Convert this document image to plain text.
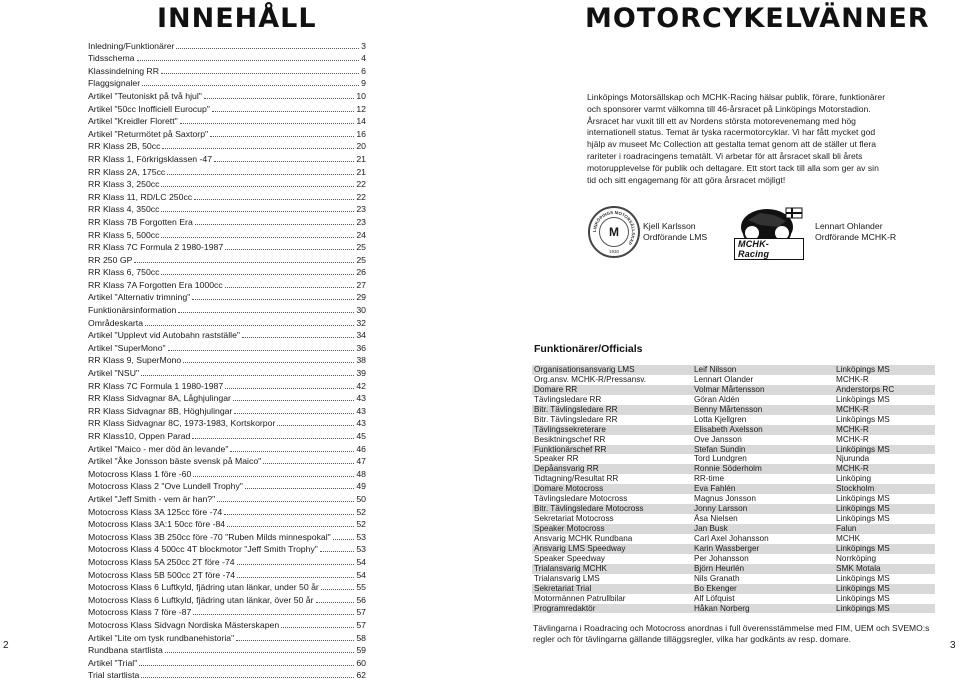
INNEHÅLL
Inledning/Funktionärer	3
Tidsschema	4
Klassindelning RR	6
Flaggsignaler	9
Artikel "Teutoniskt på två hjul"	10
Artikel "50cc Inofficiell Eurocup"	12
Artikel "Kreidler Florett"	14
Artikel "Returmötet på Saxtorp"	16
RR Klass 2B, 50cc	20
RR Klass 1, Förkrigsklassen -47	21
RR Klass 2A, 175cc	21
RR Klass 3, 250cc	22
RR Klass 11, RD/LC 250cc	22
RR Klass 4, 350cc	23
RR Klass 7B Forgotten Era	23
RR Klass 5, 500cc	24
RR Klass 7C Formula 2 1980-1987	25
RR 250 GP	25
RR Klass 6, 750cc	26
RR Klass 7A Forgotten Era 1000cc	27
Artikel "Alternativ trimning"	29
Funktionärsinformation	30
Områdeskarta	32
Artikel "Upplevt vid Autobahn rastställe"	34
Artikel "SuperMono"	36
RR Klass 9, SuperMono	38
Artikel "NSU"	39
RR Klass 7C Formula 1 1980-1987	42
RR Klass Sidvagnar 8A, Låghjulingar	43
RR Klass Sidvagnar 8B, Höghjulingar	43
RR Klass Sidvagnar 8C, 1973-1983, Kortskorpor	43
RR Klass10, Oppen Parad	45
Artikel "Maico - mer död än levande"	46
Artikel "Åke Jonsson bäste svensk på Maico"	47
Motocross Klass 1 före -60	48
Motocross Klass 2 "Ove Lundell Trophy"	49
Artikel "Jeff Smith - vem är han?"	50
Motocross Klass 3A 125cc före -74	52
Motocross Klass 3A:1 50cc före -84	52
Motocross Klass 3B 250cc före -70 "Ruben Milds minnespokal"	53
Motocross Klass 4 500cc 4T blockmotor "Jeff Smith Trophy"	53
Motocross Klass 5A 250cc 2T före -74	54
Motocross Klass 5B 500cc 2T före -74	54
Motocross Klass 6 Luftkyld, fjädring utan länkar, under 50 år	55
Motocross Klass 6 Luftkyld, fjädring utan länkar, över 50 år	56
Motocross Klass 7 före -87	57
Motocross Klass Sidvagn Nordiska Mästerskapen	57
Artikel "Lite om tysk rundbanehistoria"	58
Rundbana startlista	59
Artikel "Trial"	60
Trial startlista	62
2
MOTORCYKELVÄNNER

Linköpings Motorsällskap och MCHK-Racing hälsar publik, förare, funktionärer och sponsorer varmt välkomna till 46-årsracet på Linköpings Motorstadion.

Årsracet har vuxit till ett av Nordens största motorevenemang med hög internationell status. Temat är tyska racermotorcyklar. Vi har fått mycket god hjälp av museet Mc Collection att gestalta temat genom att de ställer ut flera rariteter i roadracingens tematält. Vi arbetar för att årsracet skall bli årets motorupplevelse för publik och deltagare. Ett stort tack till alla som ger av sin tid och sitt engagemang för att göra årsracet möjligt!

LINKÖPINGS MOTORSÄLLSKAP
1930
M	Kjell Karlsson
Ordförande LMS
MCHK-Racing
Lennart Ohlander
Ordförande MCHK-R
Funktionärer/Officials
Organisationsansvarig LMS	Leif Nilsson	Linköpings MS
Org.ansv. MCHK-R/Pressansv.	Lennart Olander	MCHK-R
Domare RR	Volmar Mårtensson	Anderstorps RC
Tävlingsledare RR	Göran Aldén	Linköpings MS
Bitr. Tävlingsledare RR	Benny Mårtensson	MCHK-R
Bitr. Tävlingsledare RR	Lotta Kjellgren	Linköpings MS
Tävlingssekreterare	Elisabeth Axelsson	MCHK-R
Besiktningschef RR	Ove Jansson	MCHK-R
Funktionärschef RR	Stefan Sundin	Linköpings MS
Speaker RR	Tord Lundgren	Njurunda
Depåansvarig RR	Ronnie Söderholm	MCHK-R
Tidtagning/Resultat RR	RR-time	Linköping
Domare Motocross	Eva Fahlén	Stockholm
Tävlingsledare Motocross	Magnus Jonsson	Linköpings MS
Bitr. Tävlingsledare Motocross	Jonny Larsson	Linköpings MS
Sekretariat Motocross	Åsa Nielsen	Linköpings MS
Speaker Motocross	Jan Busk	Falun
Ansvarig MCHK Rundbana	Carl Axel Johansson	MCHK
Ansvarig LMS Speedway	Karin Wassberger	Linköpings MS
Speaker Speedway	Per Johansson	Norrköping
Trialansvarig MCHK	Björn Heurlén	SMK Motala
Trialansvarig LMS	Nils Granath	Linköpings MS
Sekretariat Trial	Bo Ekenger	Linköpings MS
Motormännen Patrullbilar	Alf Löfquist	Linköpings MS
Programredaktör	Håkan Norberg	Linköpings MS
Tävlingarna i Roadracing och Motocross anordnas i full överensstämmelse med FIM, UEM och SVEMO:s regler och för tävlingarna gällande tilläggsregler, vilka har godkänts av resp. domare.
3
